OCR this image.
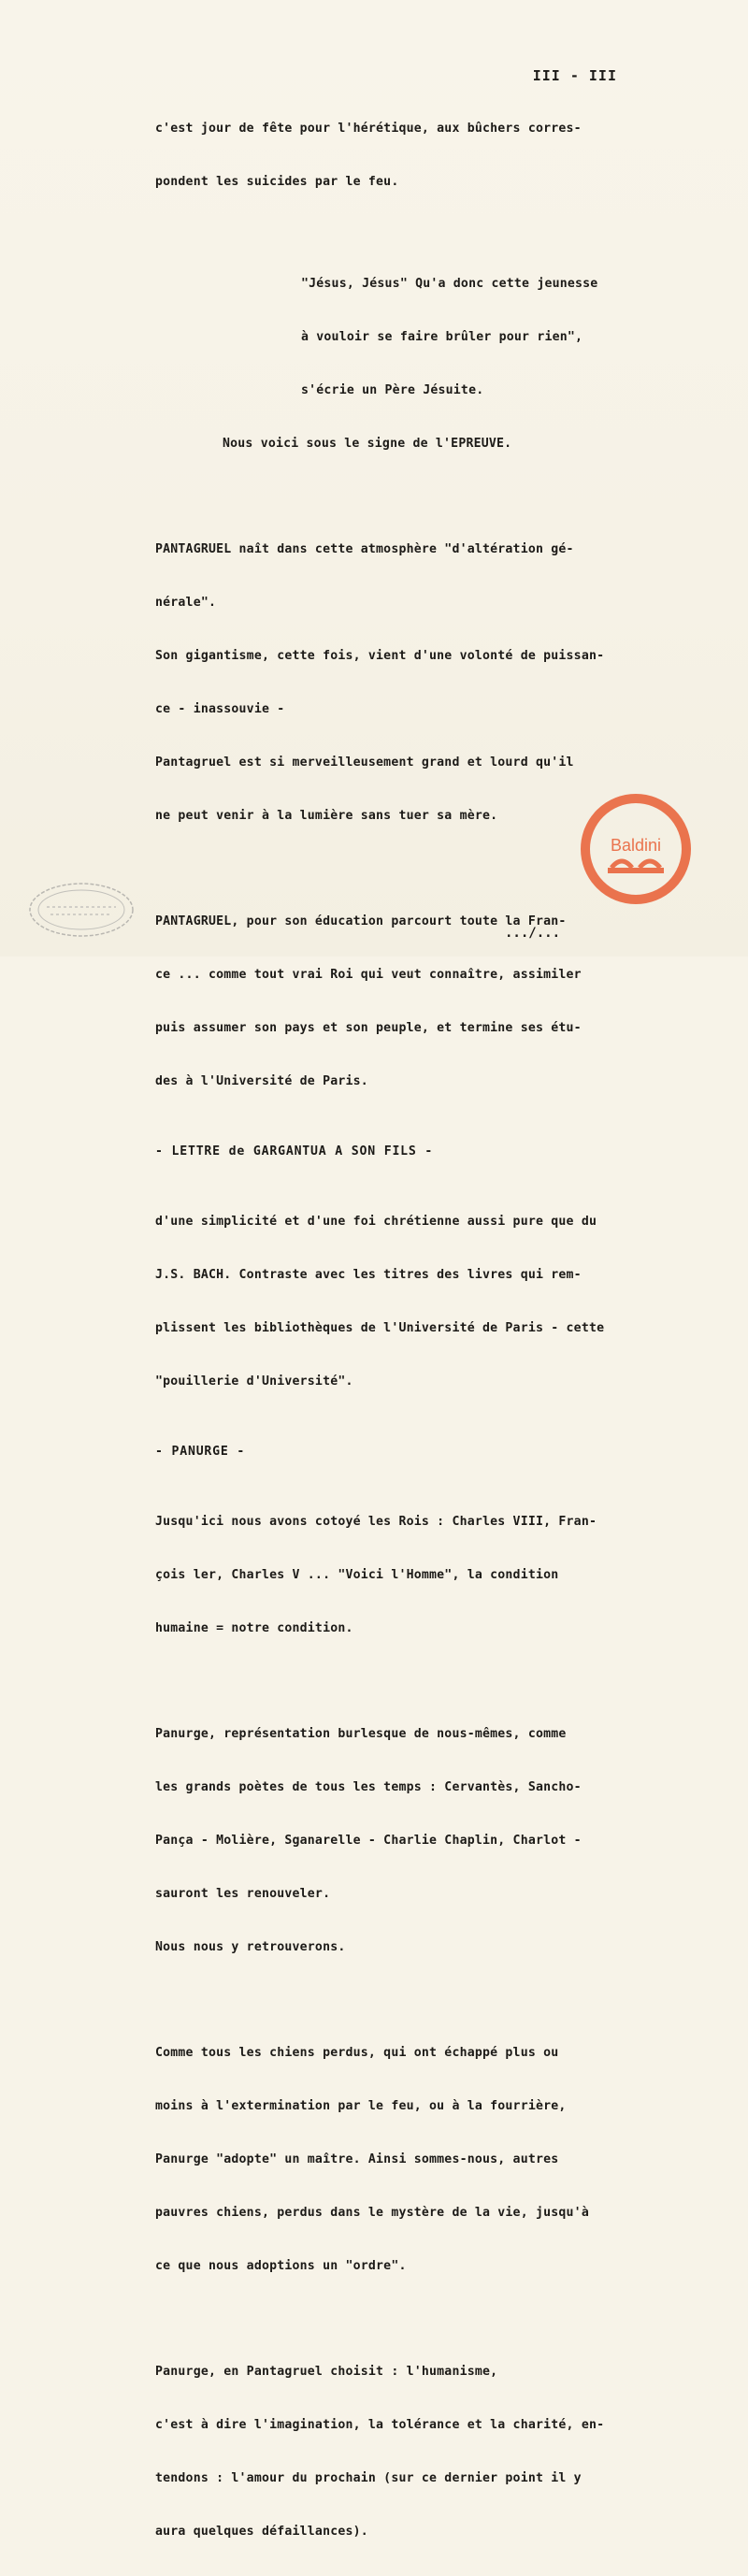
III - III

c'est jour de fête pour l'hérétique, aux bûchers corres-

pondent les suicides par le feu.

"Jésus, Jésus" Qu'a donc cette jeunesse

à vouloir se faire brûler pour rien",

s'écrie un Père Jésuite.

Nous voici sous le signe de l'EPREUVE.

PANTAGRUEL naît dans cette atmosphère "d'altération gé-

nérale".

Son gigantisme, cette fois, vient d'une volonté de puissan-

ce - inassouvie -

Pantagruel est si merveilleusement grand et lourd qu'il

ne peut venir à la lumière sans tuer sa mère.

PANTAGRUEL, pour son éducation parcourt toute la Fran-

ce ... comme tout vrai Roi qui veut connaître, assimiler

puis assumer son pays et son peuple, et termine ses étu-

des à l'Université de Paris.

- LETTRE de GARGANTUA A SON FILS -

d'une simplicité et d'une foi chrétienne aussi pure que du

J.S. BACH. Contraste avec les titres des livres qui rem-

plissent les bibliothèques de l'Université de Paris - cette

"pouillerie d'Université".

- PANURGE -

Jusqu'ici nous avons cotoyé les Rois : Charles VIII, Fran-

çois ler, Charles V ... "Voici l'Homme", la condition

humaine = notre condition.

Panurge, représentation burlesque de nous-mêmes, comme

les grands poètes de tous les temps : Cervantès, Sancho-

Pança - Molière, Sganarelle - Charlie Chaplin, Charlot -

sauront les renouveler.

Nous nous y retrouverons.

Comme tous les chiens perdus, qui ont échappé plus ou

moins à l'extermination par le feu, ou à la fourrière,

Panurge "adopte" un maître. Ainsi sommes-nous, autres

pauvres chiens, perdus dans le mystère de la vie, jusqu'à

ce que nous adoptions un "ordre".

Panurge, en Pantagruel choisit : l'humanisme,

c'est à dire l'imagination, la tolérance et la charité, en-

tendons : l'amour du prochain (sur ce dernier point il y

aura quelques défaillances).

.../...
Baldini
